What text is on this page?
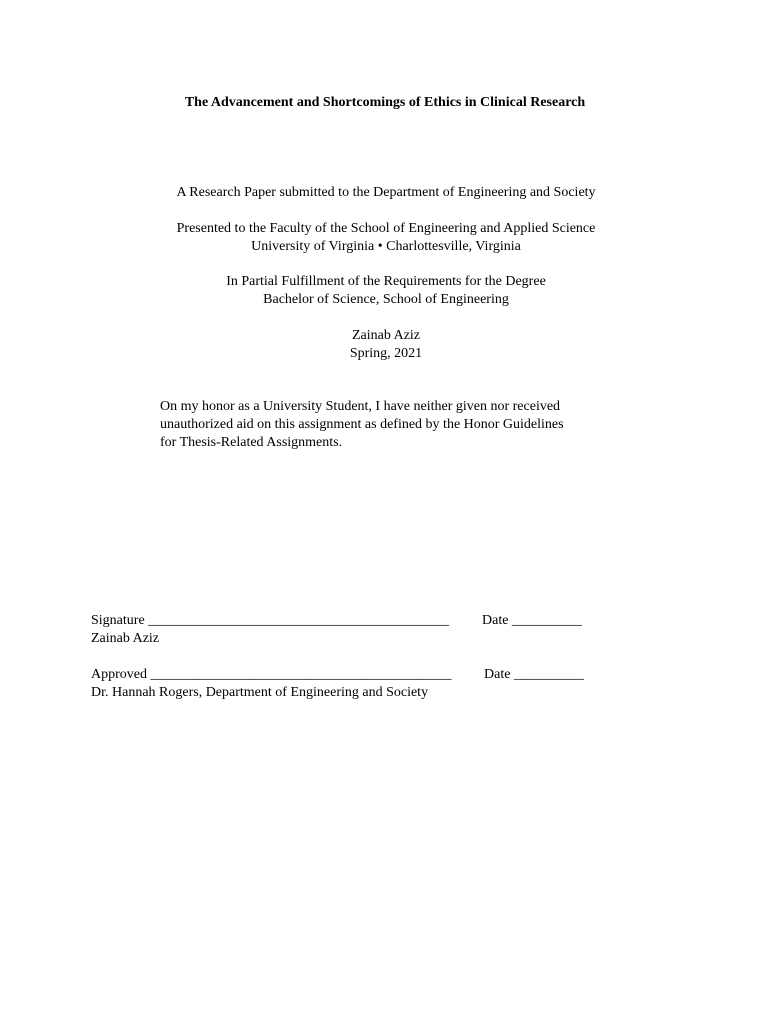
The Advancement and Shortcomings of Ethics in Clinical Research
A Research Paper submitted to the Department of Engineering and Society
Presented to the Faculty of the School of Engineering and Applied Science
University of Virginia • Charlottesville, Virginia
In Partial Fulfillment of the Requirements for the Degree
Bachelor of Science, School of Engineering
Zainab Aziz
Spring, 2021
On my honor as a University Student, I have neither given nor received
unauthorized aid on this assignment as defined by the Honor Guidelines
for Thesis-Related Assignments.
Signature ___________________________________________ Date __________
Zainab Aziz
Approved ___________________________________________ Date __________
Dr. Hannah Rogers, Department of Engineering and Society
